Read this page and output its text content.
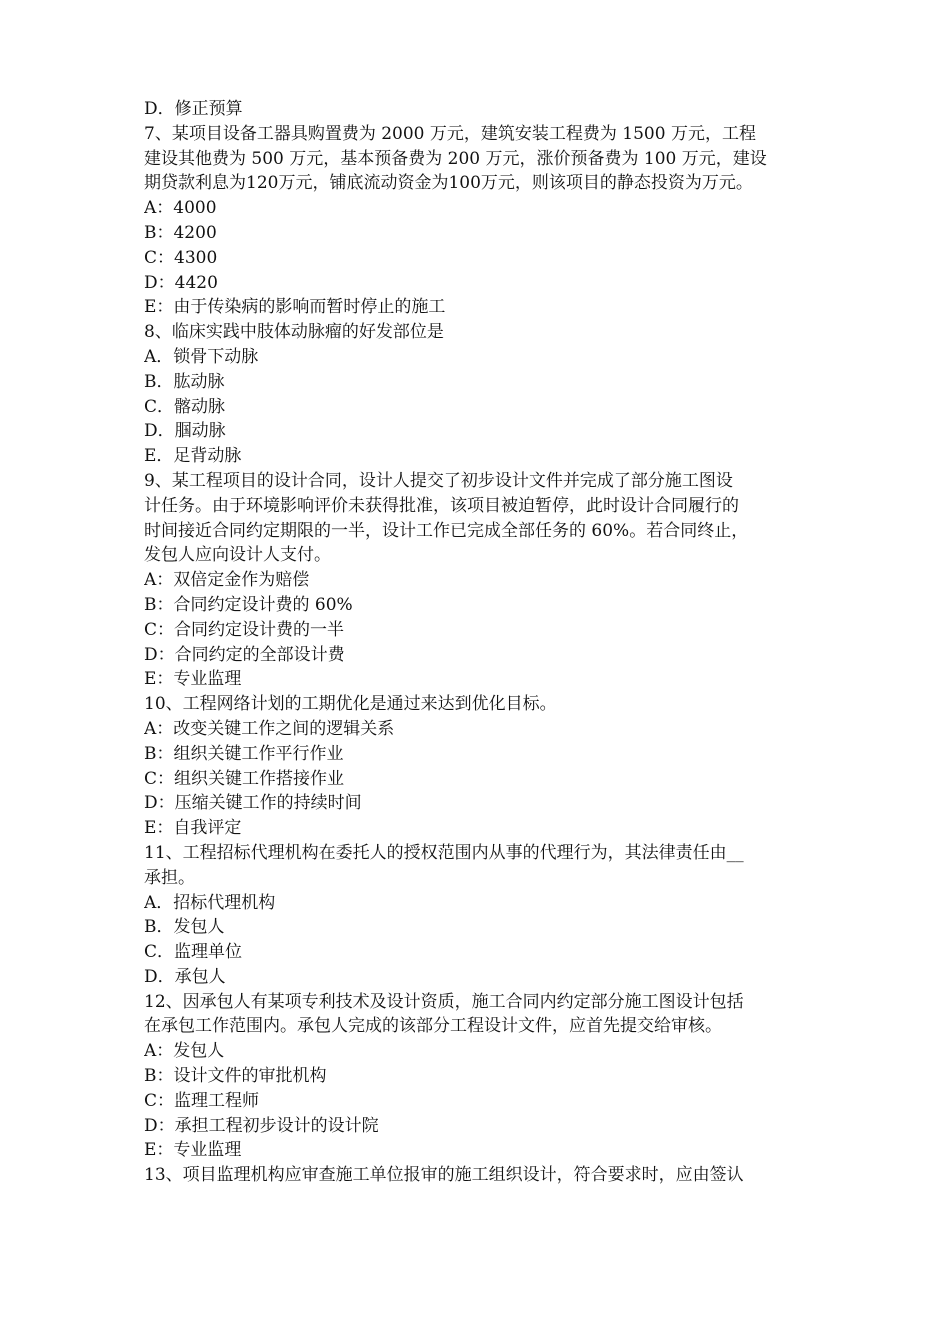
D．修正预算
7、某项目设备工器具购置费为 2000 万元，建筑安装工程费为 1500 万元，工程
建设其他费为 500 万元，基本预备费为 200 万元，涨价预备费为 100 万元，建设
期贷款利息为120万元，铺底流动资金为100万元，则该项目的静态投资为万元。
A：4000
B：4200
C：4300
D：4420
E：由于传染病的影响而暂时停止的施工
8、临床实践中肢体动脉瘤的好发部位是
A．锁骨下动脉
B．肱动脉
C．髂动脉
D．腘动脉
E．足背动脉
9、某工程项目的设计合同，设计人提交了初步设计文件并完成了部分施工图设
计任务。由于环境影响评价未获得批准，该项目被迫暂停，此时设计合同履行的
时间接近合同约定期限的一半，设计工作已完成全部任务的 60%。若合同终止，
发包人应向设计人支付。
A：双倍定金作为赔偿
B：合同约定设计费的 60%
C：合同约定设计费的一半
D：合同约定的全部设计费
E：专业监理
10、工程网络计划的工期优化是通过来达到优化目标。
A：改变关键工作之间的逻辑关系
B：组织关键工作平行作业
C：组织关键工作搭接作业
D：压缩关键工作的持续时间
E：自我评定
11、工程招标代理机构在委托人的授权范围内从事的代理行为，其法律责任由__
承担。
A．招标代理机构
B．发包人
C．监理单位
D．承包人
12、因承包人有某项专利技术及设计资质，施工合同内约定部分施工图设计包括
在承包工作范围内。承包人完成的该部分工程设计文件，应首先提交给审核。
A：发包人
B：设计文件的审批机构
C：监理工程师
D：承担工程初步设计的设计院
E：专业监理
13、项目监理机构应审查施工单位报审的施工组织设计，符合要求时，应由签认
